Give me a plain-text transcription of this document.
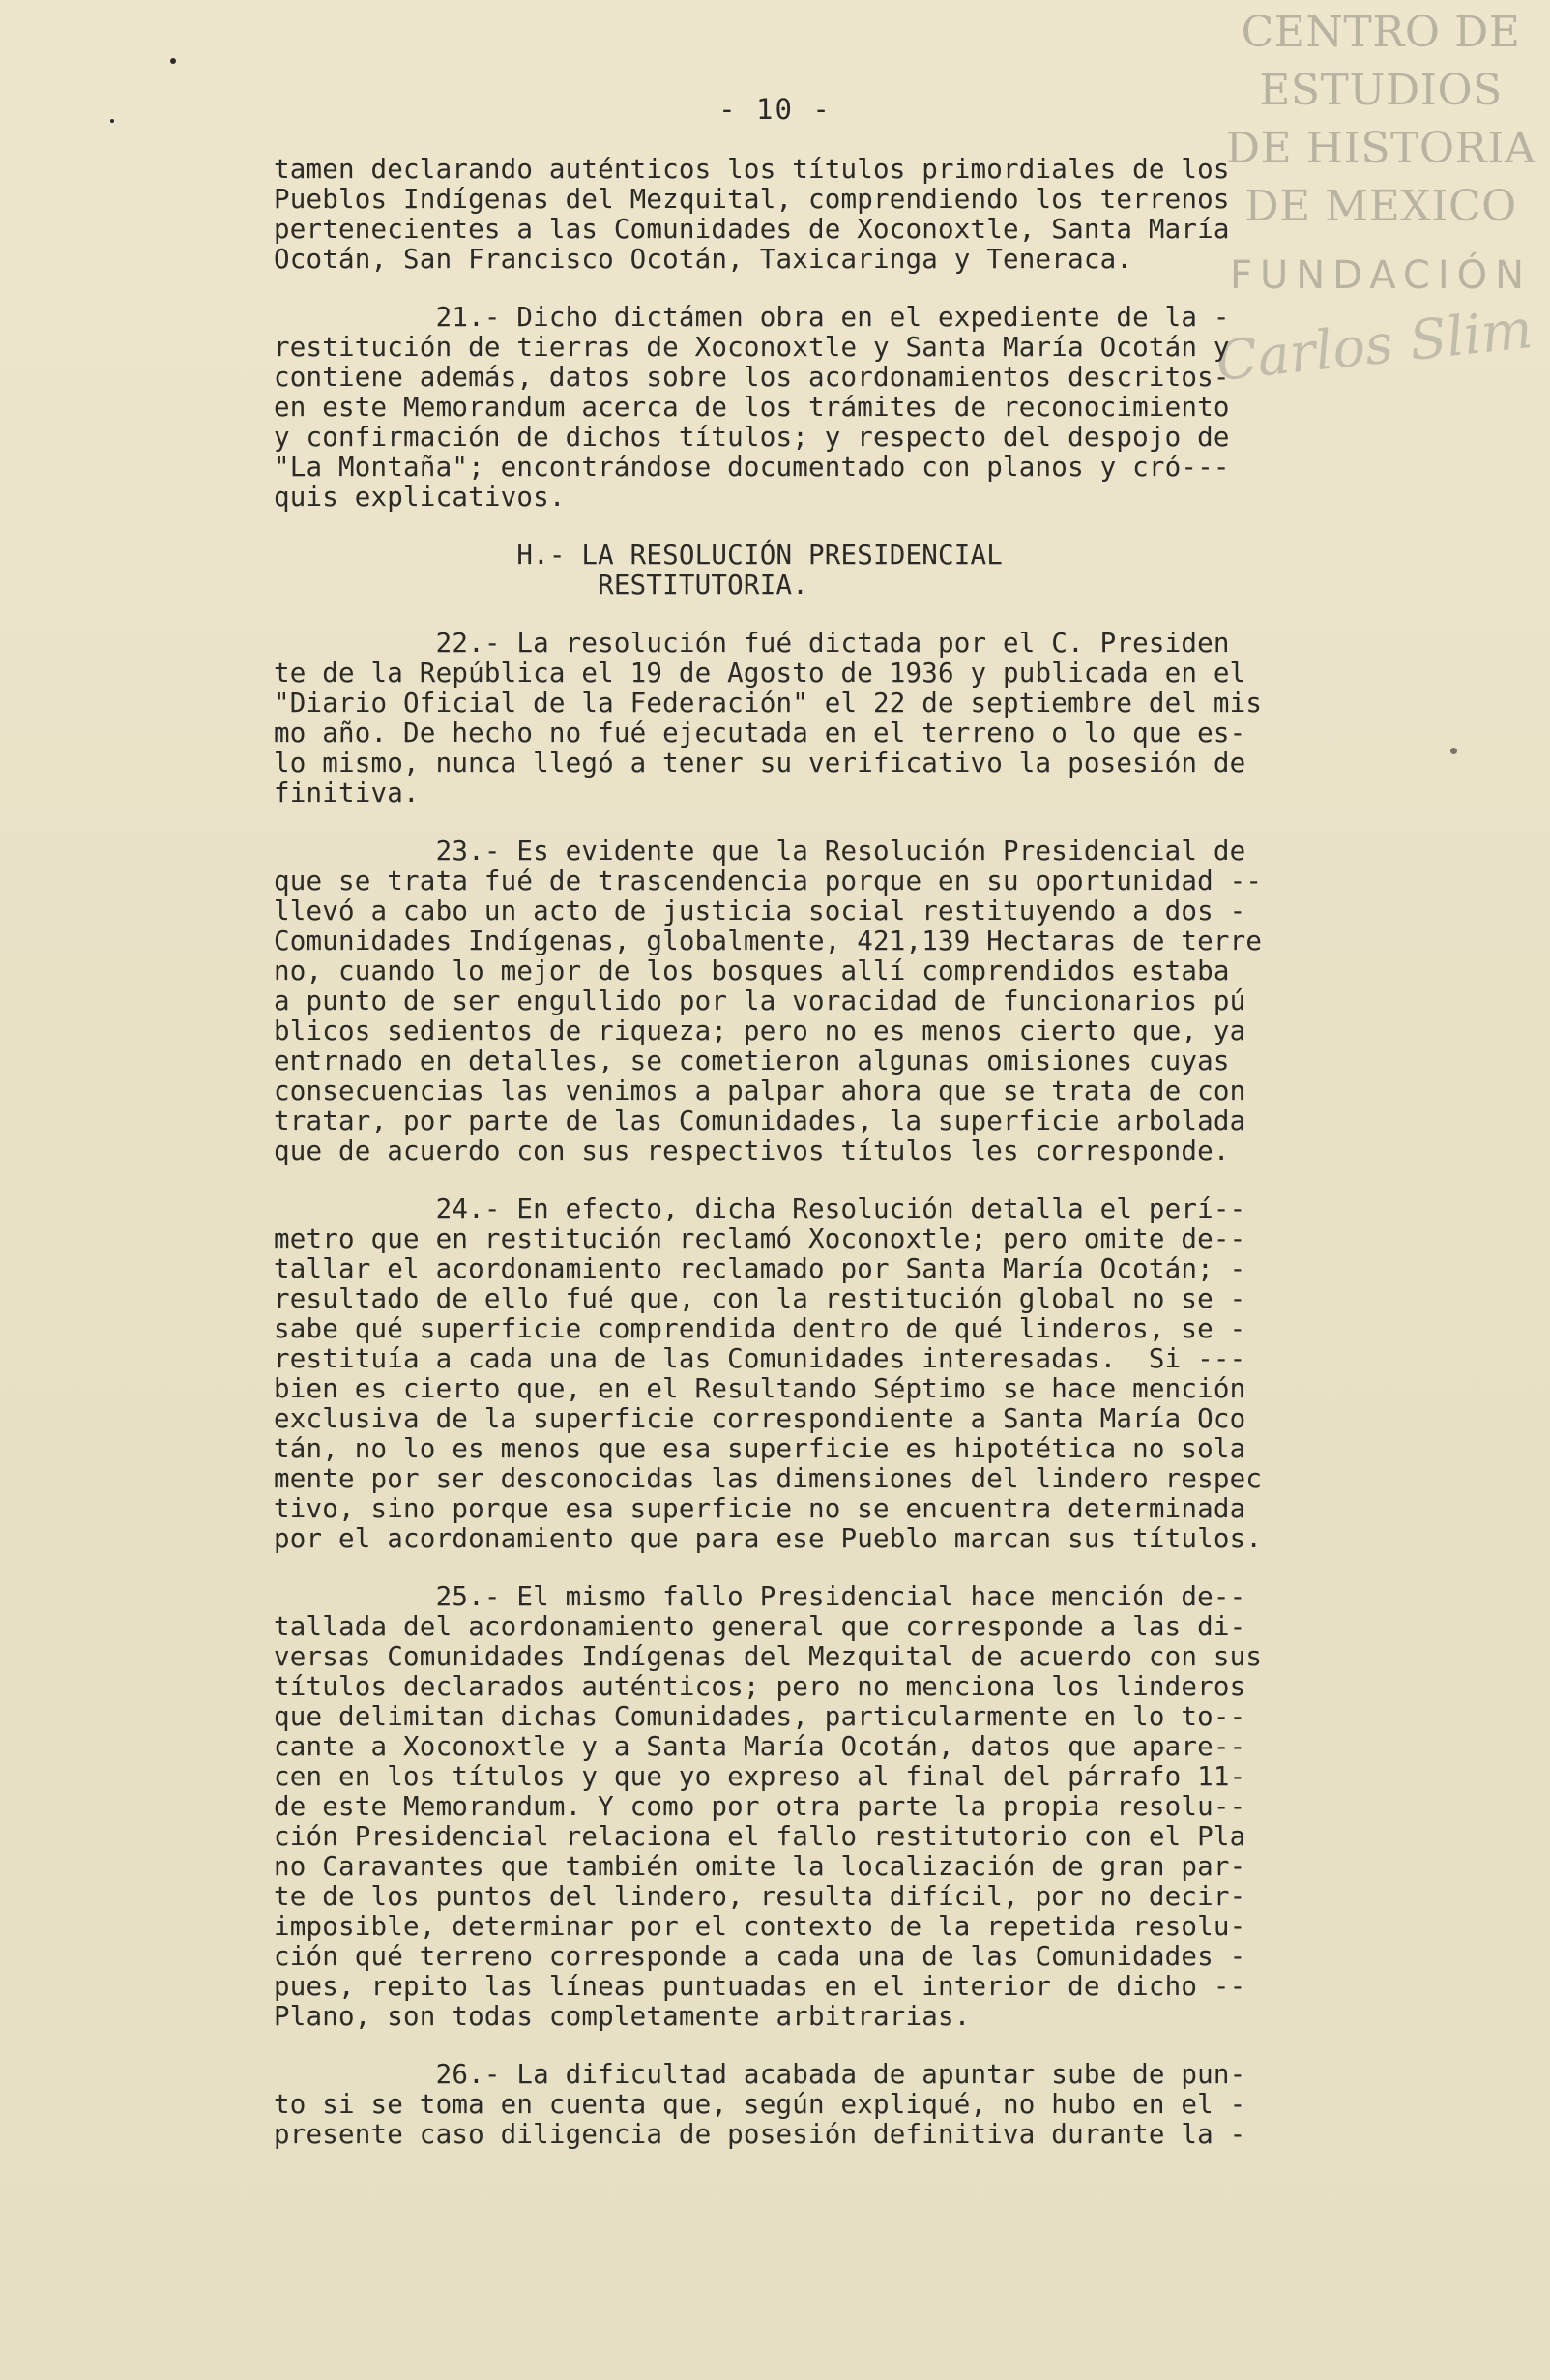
CENTRO DE
ESTUDIOS
DE HISTORIA
DE MEXICO
FUNDACIÓN
Carlos Slim
- 10 -
tamen declarando auténticos los títulos primordiales de los
Pueblos Indígenas del Mezquital, comprendiendo los terrenos
pertenecientes a las Comunidades de Xoconoxtle, Santa María
Ocotán, San Francisco Ocotán, Taxicaringa y Teneraca.
21.- Dicho dictámen obra en el expediente de la -
restitución de tierras de Xoconoxtle y Santa María Ocotán y
contiene además, datos sobre los acordonamientos descritos-
en este Memorandum acerca de los trámites de reconocimiento
y confirmación de dichos títulos; y respecto del despojo de
"La Montaña"; encontrándose documentado con planos y cró---
quis explicativos.
H.- LA RESOLUCIÓN PRESIDENCIAL
RESTITUTORIA.
22.- La resolución fué dictada por el C. Presiden
te de la República el 19 de Agosto de 1936 y publicada en el
"Diario Oficial de la Federación" el 22 de septiembre del mis
mo año. De hecho no fué ejecutada en el terreno o lo que es-
lo mismo, nunca llegó a tener su verificativo la posesión de
finitiva.
23.- Es evidente que la Resolución Presidencial de
que se trata fué de trascendencia porque en su oportunidad --
llevó a cabo un acto de justicia social restituyendo a dos -
Comunidades Indígenas, globalmente, 421,139 Hectaras de terre
no, cuando lo mejor de los bosques allí comprendidos estaba
a punto de ser engullido por la voracidad de funcionarios pú
blicos sedientos de riqueza; pero no es menos cierto que, ya
entrnado en detalles, se cometieron algunas omisiones cuyas
consecuencias las venimos a palpar ahora que se trata de con
tratar, por parte de las Comunidades, la superficie arbolada
que de acuerdo con sus respectivos títulos les corresponde.
24.- En efecto, dicha Resolución detalla el perí--
metro que en restitución reclamó Xoconoxtle; pero omite de--
tallar el acordonamiento reclamado por Santa María Ocotán; -
resultado de ello fué que, con la restitución global no se -
sabe qué superficie comprendida dentro de qué linderos, se -
restituía a cada una de las Comunidades interesadas.  Si ---
bien es cierto que, en el Resultando Séptimo se hace mención
exclusiva de la superficie correspondiente a Santa María Oco
tán, no lo es menos que esa superficie es hipotética no sola
mente por ser desconocidas las dimensiones del lindero respec
tivo, sino porque esa superficie no se encuentra determinada
por el acordonamiento que para ese Pueblo marcan sus títulos.
25.- El mismo fallo Presidencial hace mención de--
tallada del acordonamiento general que corresponde a las di-
versas Comunidades Indígenas del Mezquital de acuerdo con sus
títulos declarados auténticos; pero no menciona los linderos
que delimitan dichas Comunidades, particularmente en lo to--
cante a Xoconoxtle y a Santa María Ocotán, datos que apare--
cen en los títulos y que yo expreso al final del párrafo 11-
de este Memorandum. Y como por otra parte la propia resolu--
ción Presidencial relaciona el fallo restitutorio con el Pla
no Caravantes que también omite la localización de gran par-
te de los puntos del lindero, resulta difícil, por no decir-
imposible, determinar por el contexto de la repetida resolu-
ción qué terreno corresponde a cada una de las Comunidades -
pues, repito las líneas puntuadas en el interior de dicho --
Plano, son todas completamente arbitrarias.
26.- La dificultad acabada de apuntar sube de pun-
to si se toma en cuenta que, según expliqué, no hubo en el -
presente caso diligencia de posesión definitiva durante la -
